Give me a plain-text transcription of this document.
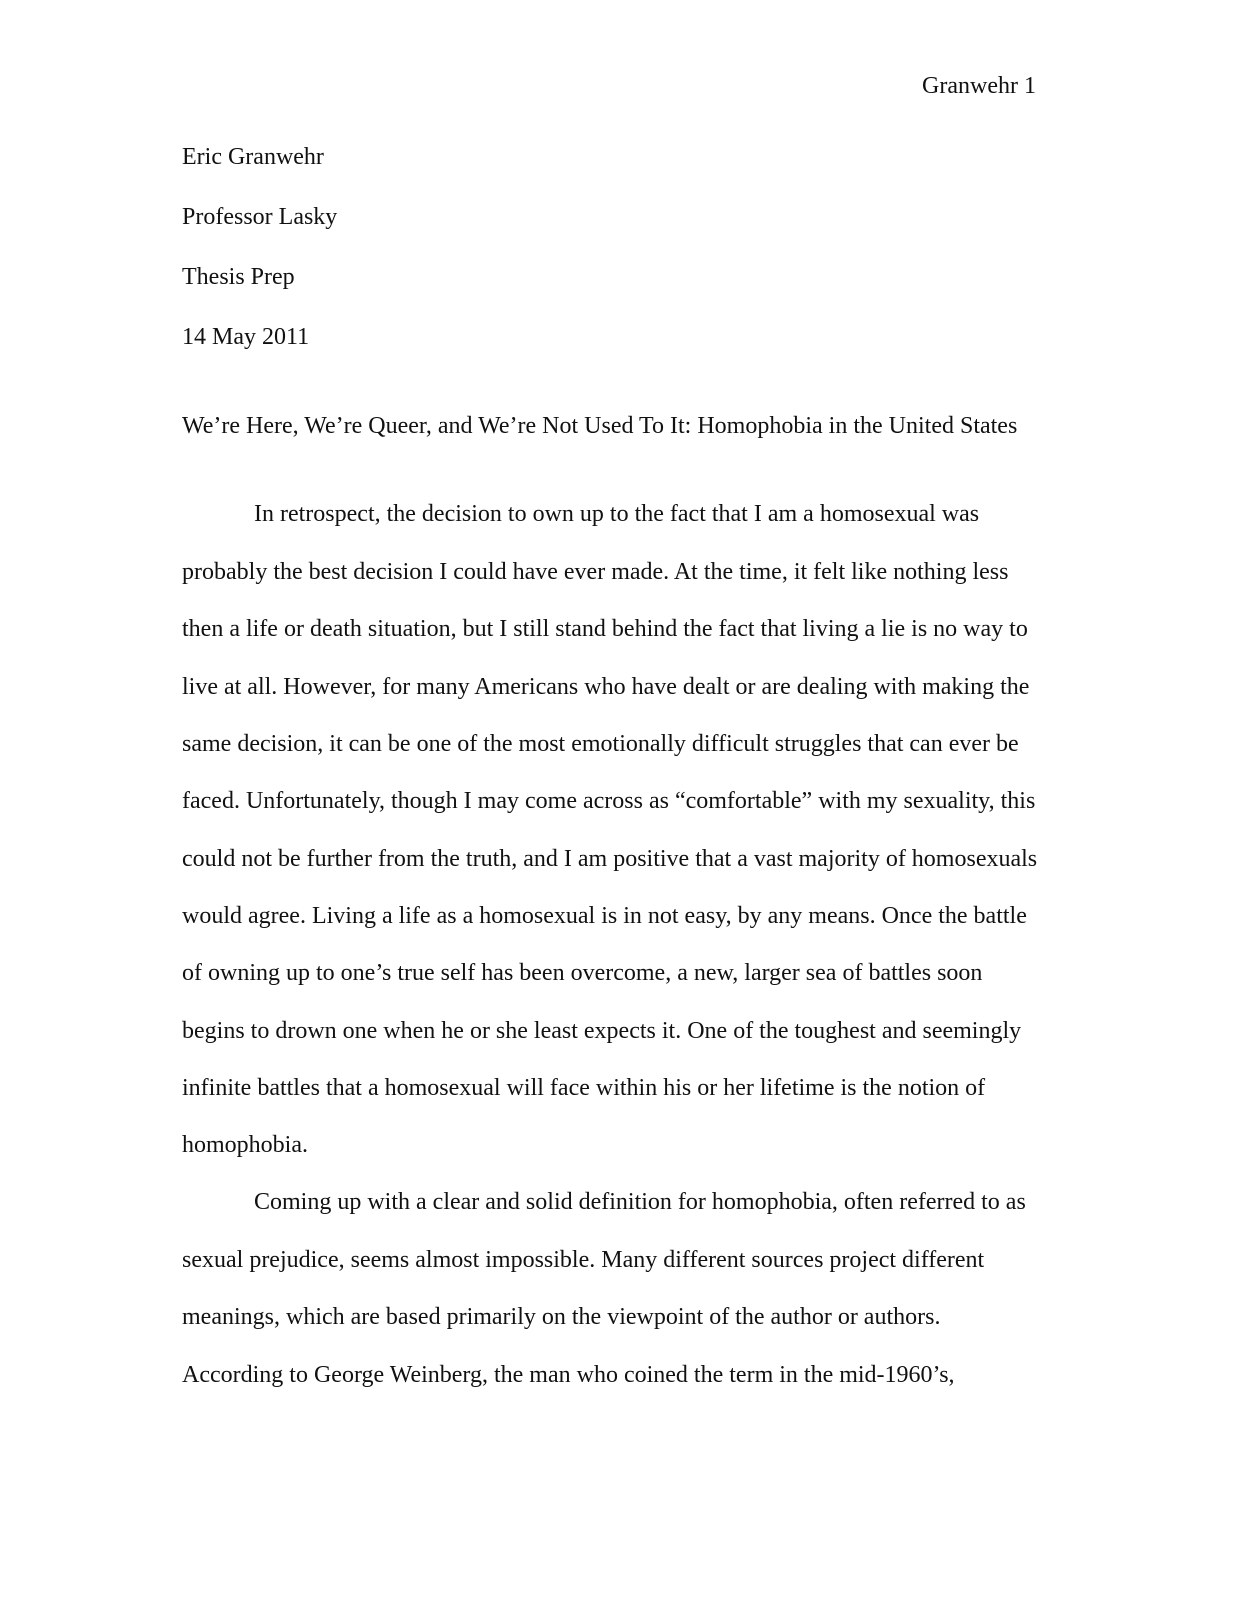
Granwehr 1
Eric Granwehr
Professor Lasky
Thesis Prep
14 May 2011
We’re Here, We’re Queer, and We’re Not Used To It: Homophobia in the United States
In retrospect, the decision to own up to the fact that I am a homosexual was
probably the best decision I could have ever made. At the time, it felt like nothing less
then a life or death situation, but I still stand behind the fact that living a lie is no way to
live at all. However, for many Americans who have dealt or are dealing with making the
same decision, it can be one of the most emotionally difficult struggles that can ever be
faced. Unfortunately, though I may come across as “comfortable” with my sexuality, this
could not be further from the truth, and I am positive that a vast majority of homosexuals
would agree. Living a life as a homosexual is in not easy, by any means. Once the battle
of owning up to one’s true self has been overcome, a new, larger sea of battles soon
begins to drown one when he or she least expects it. One of the toughest and seemingly
infinite battles that a homosexual will face within his or her lifetime is the notion of
homophobia.
Coming up with a clear and solid definition for homophobia, often referred to as
sexual prejudice, seems almost impossible. Many different sources project different
meanings, which are based primarily on the viewpoint of the author or authors.
According to George Weinberg, the man who coined the term in the mid-1960’s,
